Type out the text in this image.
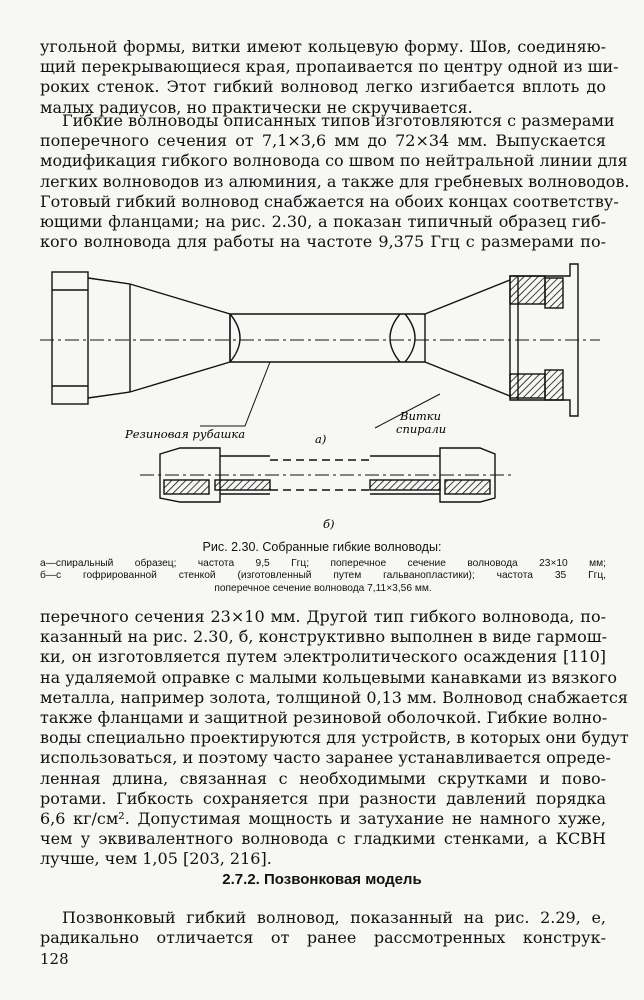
угольной формы, витки имеют кольцевую форму. Шов, соединяю-
щий перекрывающиеся края, пропаивается по центру одной из ши-
роких стенок. Этот гибкий волновод легко изгибается вплоть до
малых радиусов, но практически не скручивается.
Гибкие волноводы описанных типов изготовляются с размерами
поперечного сечения от 7,1×3,6 мм до 72×34 мм. Выпускается
модификация гибкого волновода со швом по нейтральной линии для
легких волноводов из алюминия, а также для гребневых волноводов.
Готовый гибкий волновод снабжается на обоих концах соответству-
ющими фланцами; на рис. 2.30, а показан типичный образец гиб-
кого волновода для работы на частоте 9,375 Ггц с размерами по-
Резиновая рубашка
Витки
спирали
а)
б)
Рис. 2.30. Собранные гибкие волноводы:
а—спиральный образец; частота 9,5 Ггц; поперечное сечение волновода 23×10 мм;
б—с гофрированной стенкой (изготовленный путем гальванопластики); частота 35 Ггц,
поперечное сечение волновода 7,11×3,56 мм.
перечного сечения 23×10 мм. Другой тип гибкого волновода, по-
казанный на рис. 2.30, б, конструктивно выполнен в виде гармош-
ки, он изготовляется путем электролитического осаждения [110]
на удаляемой оправке с малыми кольцевыми канавками из вязкого
металла, например золота, толщиной 0,13 мм. Волновод снабжается
также фланцами и защитной резиновой оболочкой. Гибкие волно-
воды специально проектируются для устройств, в которых они будут
использоваться, и поэтому часто заранее устанавливается опреде-
ленная длина, связанная с необходимыми скрутками и пово-
ротами. Гибкость сохраняется при разности давлений порядка
6,6 кг/см². Допустимая мощность и затухание не намного хуже,
чем у эквивалентного волновода с гладкими стенками, а КСВН
лучше, чем 1,05 [203, 216].
2.7.2. Позвонковая модель
Позвонковый гибкий волновод, показанный на рис. 2.29, е,
радикально отличается от ранее рассмотренных конструк-
128
